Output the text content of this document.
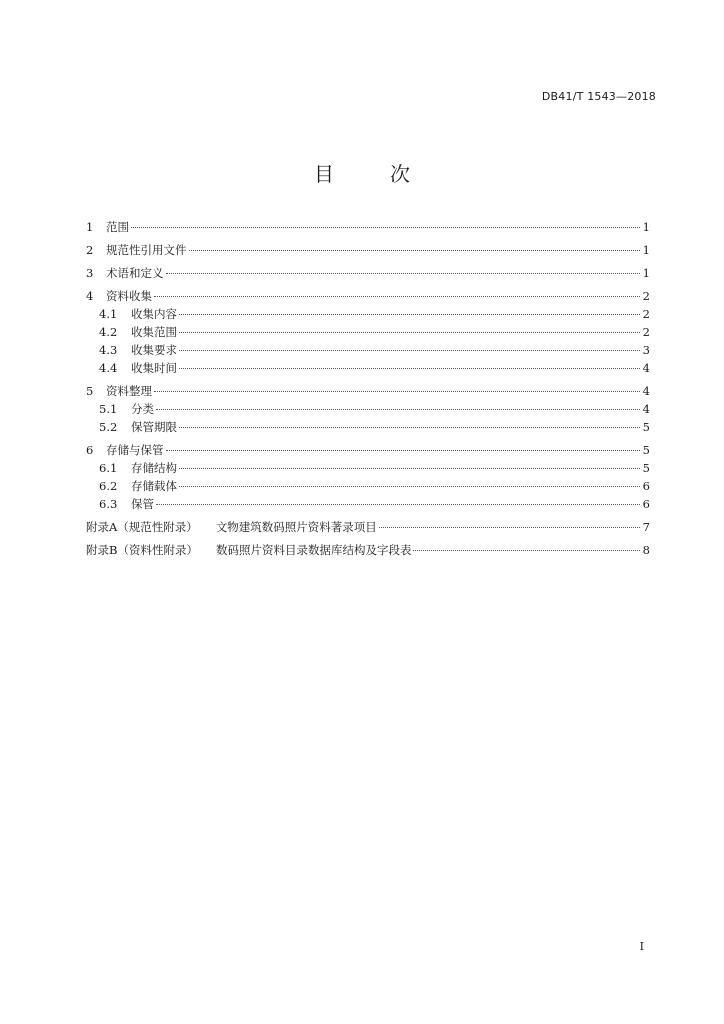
DB41/T 1543—2018
目	次
1	范围	1
2	规范性引用文件	1
3	术语和定义	1
4	资料收集	2
4.1	收集内容	2
4.2	收集范围	2
4.3	收集要求	3
4.4	收集时间	4
5	资料整理	4
5.1	分类	4
5.2	保管期限	5
6	存储与保管	5
6.1	存储结构	5
6.2	存储载体	6
6.3	保管	6
附录A（规范性附录） 文物建筑数码照片资料著录项目	7
附录B（资料性附录） 数码照片资料目录数据库结构及字段表	8
I
